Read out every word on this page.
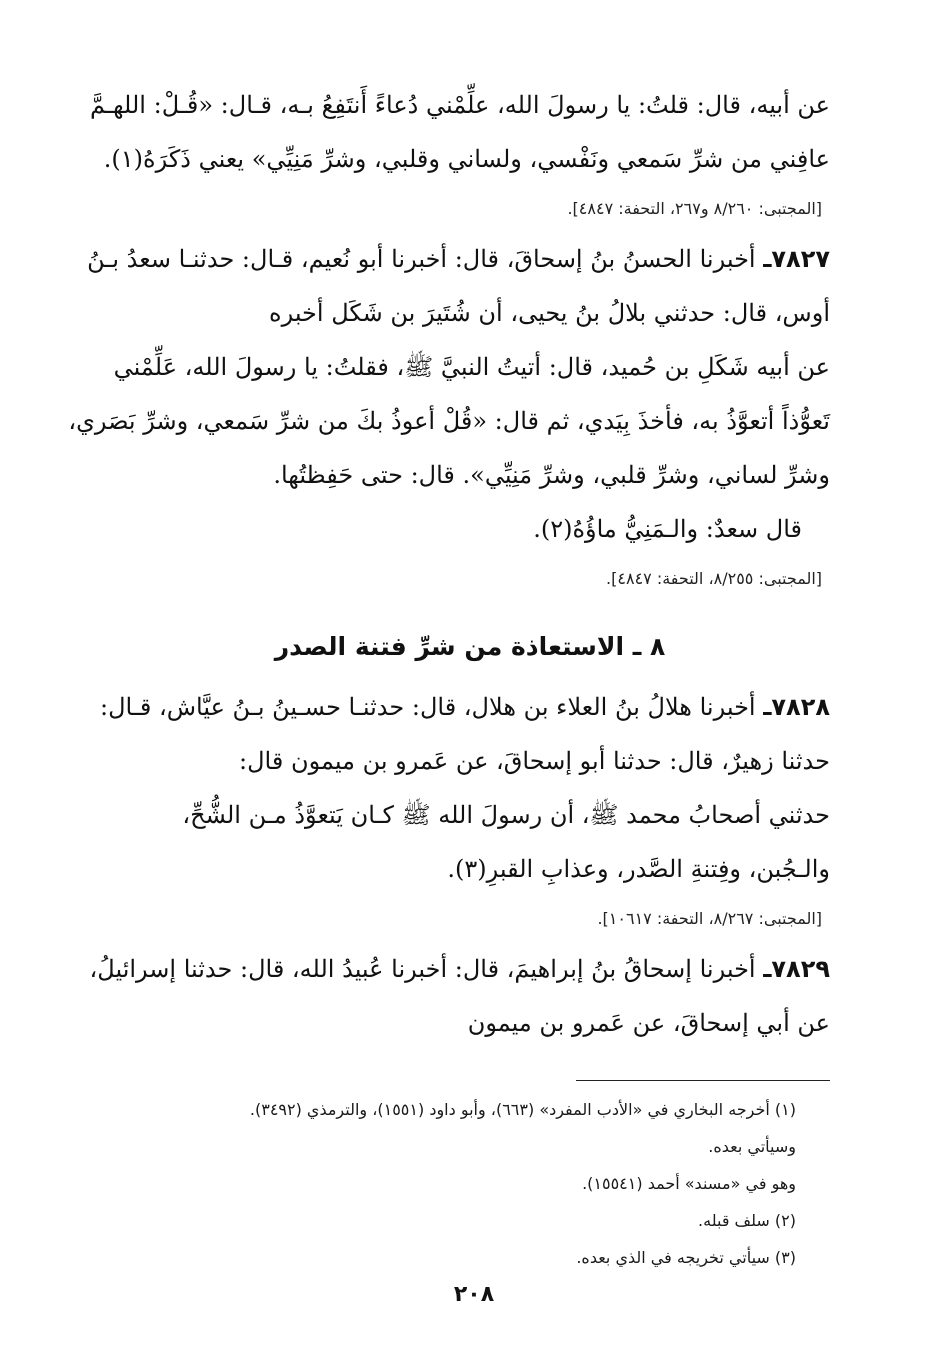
عن أبيه، قال: قلتُ: يا رسولَ الله، علِّمْني دُعاءً أَنتَفِعُ بـه، قـال: «قُـلْ: اللهـمَّ
عافِني من شرِّ سَمعي ونَفْسي، ولساني وقلبي، وشرِّ مَنِيِّي» يعني ذَكَرَهُ(١).
[المجتبى: ٨/٢٦٠ و٢٦٧، التحفة: ٤٨٤٧].
٧٨٢٧ـ أخبرنا الحسنُ بنُ إسحاقَ، قال: أخبرنا أبو نُعيم، قـال: حدثنـا سعدُ بـنُ
أوس، قال: حدثني بلالُ بنُ يحيى، أن شُتَيرَ بن شَكَل أخبره
عن أبيه شَكَلِ بن حُميد، قال: أتيتُ النبيَّ ﷺ، فقلتُ: يا رسولَ الله، عَلِّمْني
تَعوُّذاً أتعوَّذُ به، فأخذَ بِيَدي، ثم قال: «قُلْ أعوذُ بكَ من شرِّ سَمعي، وشرِّ بَصَري،
وشرِّ لساني، وشرِّ قلبي، وشرِّ مَنِيِّي». قال: حتى حَفِظتُها.
قال سعدٌ: والـمَنِيُّ ماؤُهُ(٢).
[المجتبى: ٨/٢٥٥، التحفة: ٤٨٤٧].
٨ ـ الاستعاذة من شرِّ فتنة الصدر
٧٨٢٨ـ أخبرنا هلالُ بنُ العلاء بن هلال، قال: حدثنـا حسـينُ بـنُ عيَّاش، قـال:
حدثنا زهيرٌ، قال: حدثنا أبو إسحاقَ، عن عَمرو بن ميمون قال:
حدثني أصحابُ محمد ﷺ، أن رسولَ الله ﷺ كـان يَتعوَّذُ مـن الشُّحِّ،
والـجُبن، وفِتنةِ الصَّدر، وعذابِ القبرِ(٣).
[المجتبى: ٨/٢٦٧، التحفة: ١٠٦١٧].
٧٨٢٩ـ أخبرنا إسحاقُ بنُ إبراهيمَ، قال: أخبرنا عُبيدُ الله، قال: حدثنا إسرائيلُ،
عن أبي إسحاقَ، عن عَمرو بن ميمون
(١) أخرجه البخاري في «الأدب المفرد» (٦٦٣)، وأبو داود (١٥٥١)، والترمذي (٣٤٩٢).
وسيأتي بعده.
وهو في «مسند» أحمد (١٥٥٤١).
(٢) سلف قبله.
(٣) سيأتي تخريجه في الذي بعده.
٢٠٨
